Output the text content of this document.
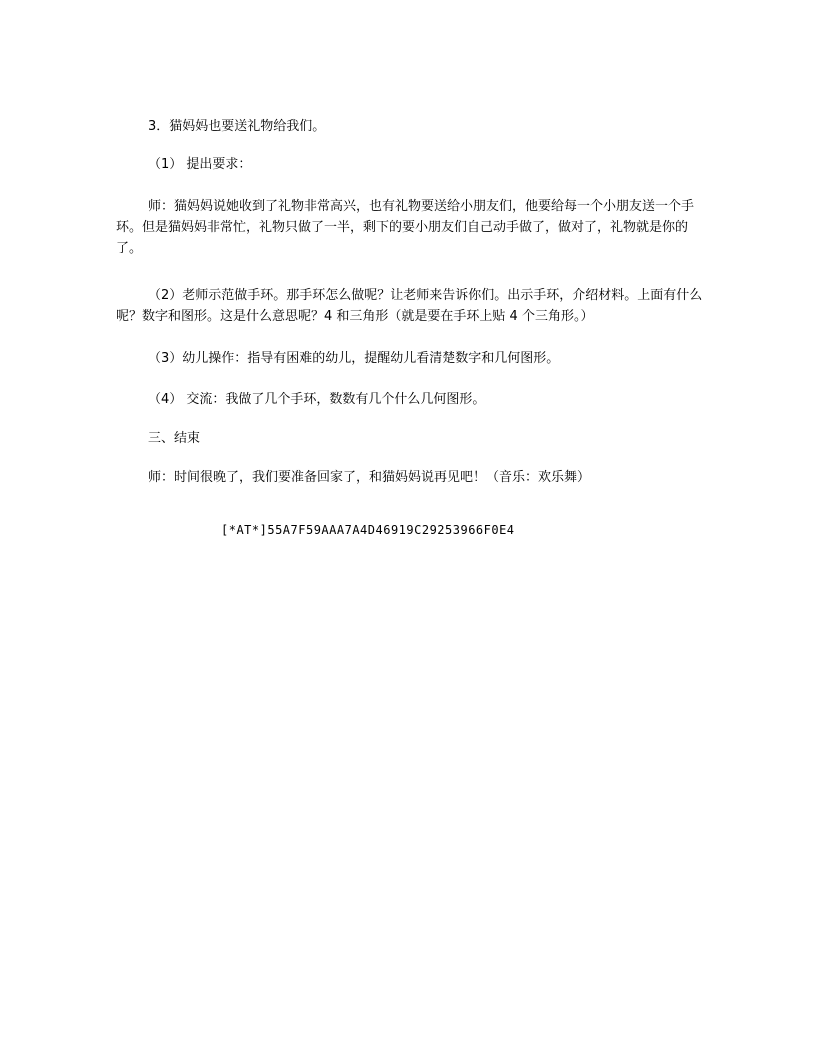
3．猫妈妈也要送礼物给我们。

（1） 提出要求：

师：猫妈妈说她收到了礼物非常高兴，也有礼物要送给小朋友们，他要给每一个小朋友送一个手环。但是猫妈妈非常忙，礼物只做了一半，剩下的要小朋友们自己动手做了，做对了，礼物就是你的了。

（2）老师示范做手环。那手环怎么做呢？让老师来告诉你们。出示手环，介绍材料。上面有什么呢？数字和图形。这是什么意思呢？4 和三角形（就是要在手环上贴 4 个三角形。）

（3）幼儿操作：指导有困难的幼儿，提醒幼儿看清楚数字和几何图形。

（4） 交流：我做了几个手环，数数有几个什么几何图形。

三、结束

师：时间很晚了，我们要准备回家了，和猫妈妈说再见吧！（音乐：欢乐舞）

[*AT*]55A7F59AAA7A4D46919C29253966F0E4
